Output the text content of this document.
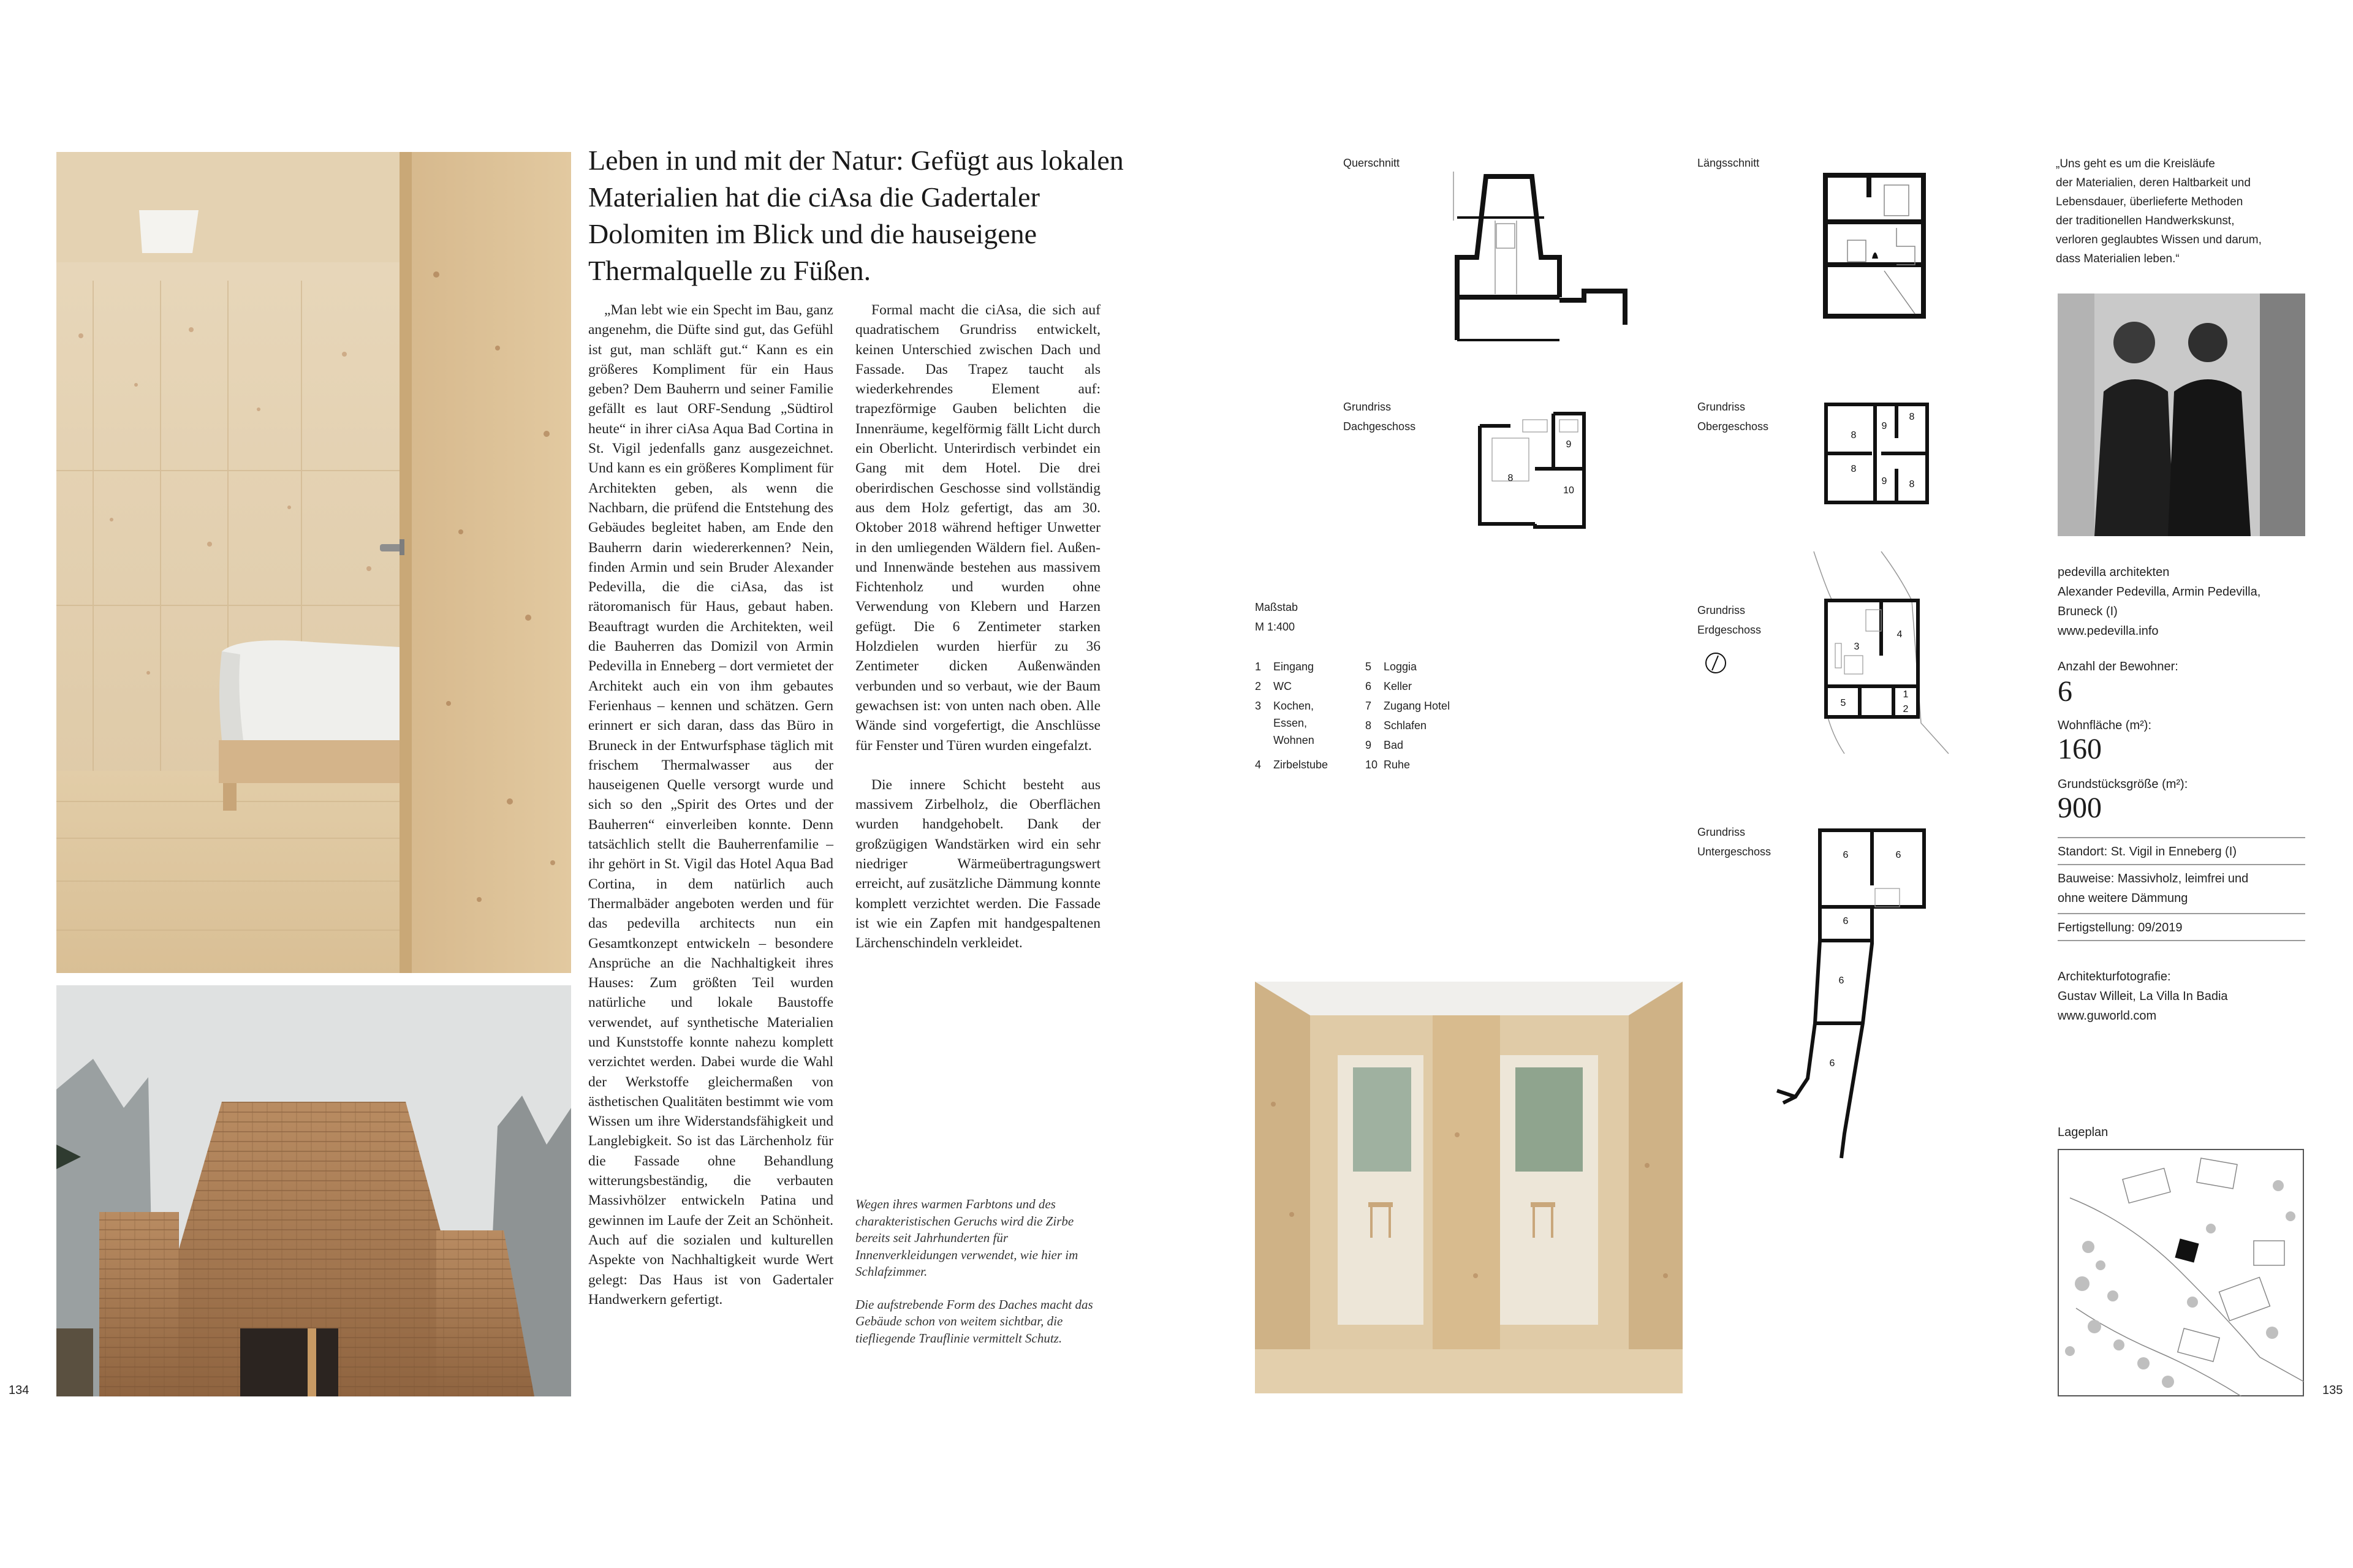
Leben in und mit der Natur: Gefügt aus lokalen Materialien hat die ciAsa die Gadertaler Dolomiten im Blick und die hauseigene Thermalquelle zu Füßen.

„Man lebt wie ein Specht im Bau, ganz angenehm, die Düfte sind gut, das Gefühl ist gut, man schläft gut.“ Kann es ein größeres Kompliment für ein Haus geben? Dem Bauherrn und seiner Familie gefällt es laut ORF-Sendung „Südtirol heute“ in ihrer ciAsa Aqua Bad Cortina in St. Vigil jedenfalls ganz ausgezeichnet. Und kann es ein größeres Kompliment für Architekten geben, als wenn die Nachbarn, die prüfend die Entstehung des Gebäudes begleitet haben, am Ende den Bauherrn darin wiedererkennen? Nein, finden Armin und sein Bruder Alexander Pedevilla, die die ciAsa, das ist rätoromanisch für Haus, gebaut haben. Beauftragt wurden die Architekten, weil die Bauherren das Domizil von Armin Pedevilla in Enneberg – dort vermietet der Architekt auch ein von ihm gebautes Ferienhaus – kennen und schätzen. Gern erinnert er sich daran, dass das Büro in Bruneck in der Entwurfsphase täglich mit frischem Thermalwasser aus der hauseigenen Quelle versorgt wurde und sich so den „Spirit des Ortes und der Bauherren“ einverleiben konnte. Denn tatsächlich stellt die Bauherrenfamilie – ihr gehört in St. Vigil das Hotel Aqua Bad Cortina, in dem natürlich auch Thermalbäder angeboten werden und für das pedevilla architects nun ein Gesamtkonzept entwickeln – besondere Ansprüche an die Nachhaltigkeit ihres Hauses: Zum größten Teil wurden natürliche und lokale Baustoffe verwendet, auf synthetische Materialien und Kunststoffe konnte nahezu komplett verzichtet werden. Dabei wurde die Wahl der Werkstoffe gleichermaßen von ästhetischen Qualitäten bestimmt wie vom Wissen um ihre Widerstandsfähigkeit und Langlebigkeit. So ist das Lärchenholz für die Fassade ohne Behandlung witterungsbeständig, die verbauten Massivhölzer entwickeln Patina und gewinnen im Laufe der Zeit an Schönheit. Auch auf die sozialen und kulturellen Aspekte von Nachhaltigkeit wurde Wert gelegt: Das Haus ist von Gadertaler Handwerkern gefertigt.

Formal macht die ciAsa, die sich auf quadratischem Grundriss entwickelt, keinen Unterschied zwischen Dach und Fassade. Das Trapez taucht als wiederkehrendes Element auf: trapezförmige Gauben belichten die Innenräume, kegelförmig fällt Licht durch ein Oberlicht. Unterirdisch verbindet ein Gang mit dem Hotel. Die drei oberirdischen Geschosse sind vollständig aus dem Holz gefertigt, das am 30. Oktober 2018 während heftiger Unwetter in den umliegenden Wäldern fiel. Außen- und Innenwände bestehen aus massivem Fichtenholz und wurden ohne Verwendung von Klebern und Harzen gefügt. Die 6 Zentimeter starken Holzdielen wurden hierfür zu 36 Zentimeter dicken Außenwänden verbunden und so verbaut, wie der Baum gewachsen ist: von unten nach oben. Alle Wände sind vorgefertigt, die Anschlüsse für Fenster und Türen wurden eingefalzt.

Die innere Schicht besteht aus massivem Zirbelholz, die Oberflächen wurden handgehobelt. Dank der großzügigen Wandstärken wird ein sehr niedriger Wärmeübertragungswert erreicht, auf zusätzliche Dämmung konnte komplett verzichtet werden. Die Fassade ist wie ein Zapfen mit handgespaltenen Lärchenschindeln verkleidet.

Wegen ihres warmen Farbtons und des charakteristischen Geruchs wird die Zirbe bereits seit Jahrhunderten für Innenverkleidungen verwendet, wie hier im Schlafzimmer.

Die aufstrebende Form des Daches macht das Gebäude schon von weitem sichtbar, die tiefliegende Trauflinie vermittelt Schutz.

134
Querschnitt	Längsschnitt
Grundriss
Dachgeschoss
8
9
10
Grundriss
Obergeschoss
8
8
9
8
9 8
Maßstab
M 1:400
1 Eingang
2 WC
3 Kochen,
Essen,
Wohnen
4 Zirbelstube
5 Loggia
6 Keller
7 Zugang Hotel
8 Schlafen
9 Bad
10 Ruhe
Grundriss
Erdgeschoss
3
4
5
1
2
Grundriss
Untergeschoss	6	6
6
6
6
„Uns geht es um die Kreisläufe
der Materialien, deren Haltbarkeit und
Lebensdauer, überlieferte Methoden
der traditionellen Handwerkskunst,
verloren geglaubtes Wissen und darum,
dass Materialien leben.“
pedevilla architekten
Alexander Pedevilla, Armin Pedevilla,
Bruneck (I)
www.pedevilla.info
Anzahl der Bewohner:
6
Wohnfläche (m²):
160
Grundstücksgröße (m²):
900
Standort: St. Vigil in Enneberg (I)
Bauweise: Massivholz, leimfrei und
ohne weitere Dämmung
Fertigstellung: 09/2019
Architekturfotografie:
Gustav Willeit, La Villa In Badia
www.guworld.com
Lageplan
135
